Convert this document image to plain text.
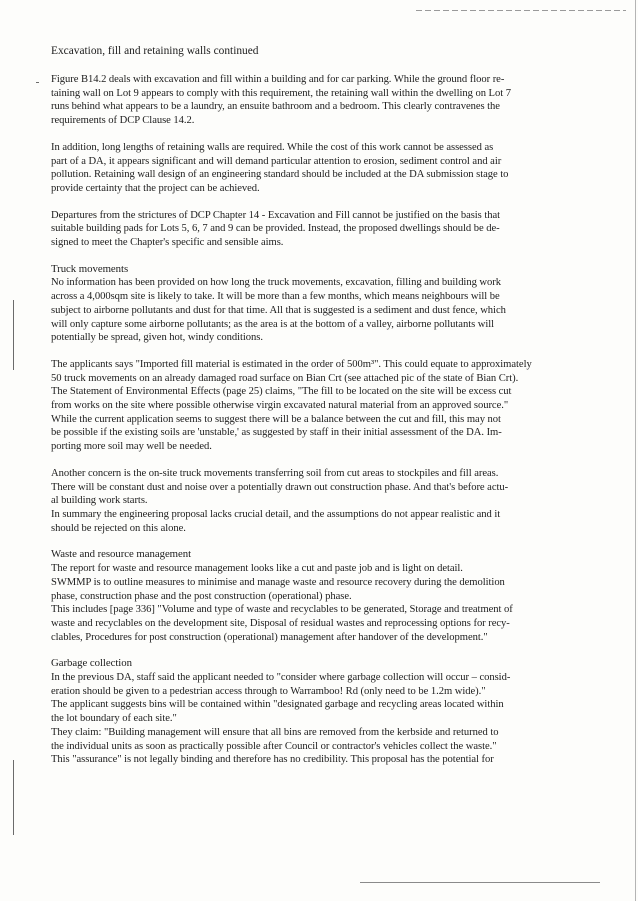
Excavation, fill and retaining walls continued
Figure B14.2 deals with excavation and fill within a building and for car parking. While the ground floor re-
taining wall on Lot 9 appears to comply with this requirement, the retaining wall within the dwelling on Lot 7
runs behind what appears to be a laundry, an ensuite bathroom and a bedroom. This clearly contravenes the
requirements of DCP Clause 14.2.
In addition, long lengths of retaining walls are required. While the cost of this work cannot be assessed as
part of a DA, it appears significant and will demand particular attention to erosion, sediment control and air
pollution. Retaining wall design of an engineering standard should be included at the DA submission stage to
provide certainty that the project can be achieved.
Departures from the strictures of DCP Chapter 14 - Excavation and Fill cannot be justified on the basis that
suitable building pads for Lots 5, 6, 7 and 9 can be provided. Instead, the proposed dwellings should be de-
signed to meet the Chapter's specific and sensible aims.
Truck movements
No information has been provided on how long the truck movements, excavation, filling and building work
across a 4,000sqm site is likely to take. It will be more than a few months, which means neighbours will be
subject to airborne pollutants and dust for that time. All that is suggested is a sediment and dust fence, which
will only capture some airborne pollutants; as the area is at the bottom of a valley, airborne pollutants will
potentially be spread, given hot, windy conditions.
The applicants says "Imported fill material is estimated in the order of 500m³". This could equate to approximately
50 truck movements on an already damaged road surface on Bian Crt (see attached pic of the state of Bian Crt).
The Statement of Environmental Effects (page 25) claims, "The fill to be located on the site will be excess cut
from works on the site where possible otherwise virgin excavated natural material from an approved source."
While the current application seems to suggest there will be a balance between the cut and fill, this may not
be possible if the existing soils are 'unstable,' as suggested by staff in their initial assessment of the DA. Im-
porting more soil may well be needed.
Another concern is the on-site truck movements transferring soil from cut areas to stockpiles and fill areas.
There will be constant dust and noise over a potentially drawn out construction phase. And that's before actu-
al building work starts.
In summary the engineering proposal lacks crucial detail, and the assumptions do not appear realistic and it
should be rejected on this alone.
Waste and resource management
The report for waste and resource management looks like a cut and paste job and is light on detail.
SWMMP is to outline measures to minimise and manage waste and resource recovery during the demolition
phase, construction phase and the post construction (operational) phase.
This includes [page 336] "Volume and type of waste and recyclables to be generated, Storage and treatment of
waste and recyclables on the development site, Disposal of residual wastes and reprocessing options for recy-
clables, Procedures for post construction (operational) management after handover of the development."
Garbage collection
In the previous DA, staff said the applicant needed to "consider where garbage collection will occur – consid-
eration should be given to a pedestrian access through to Warramboo! Rd (only need to be 1.2m wide)."
The applicant suggests bins will be contained within "designated garbage and recycling areas located within
the lot boundary of each site."
They claim: "Building management will ensure that all bins are removed from the kerbside and returned to
the individual units as soon as practically possible after Council or contractor's vehicles collect the waste."
This "assurance" is not legally binding and therefore has no credibility. This proposal has the potential for
